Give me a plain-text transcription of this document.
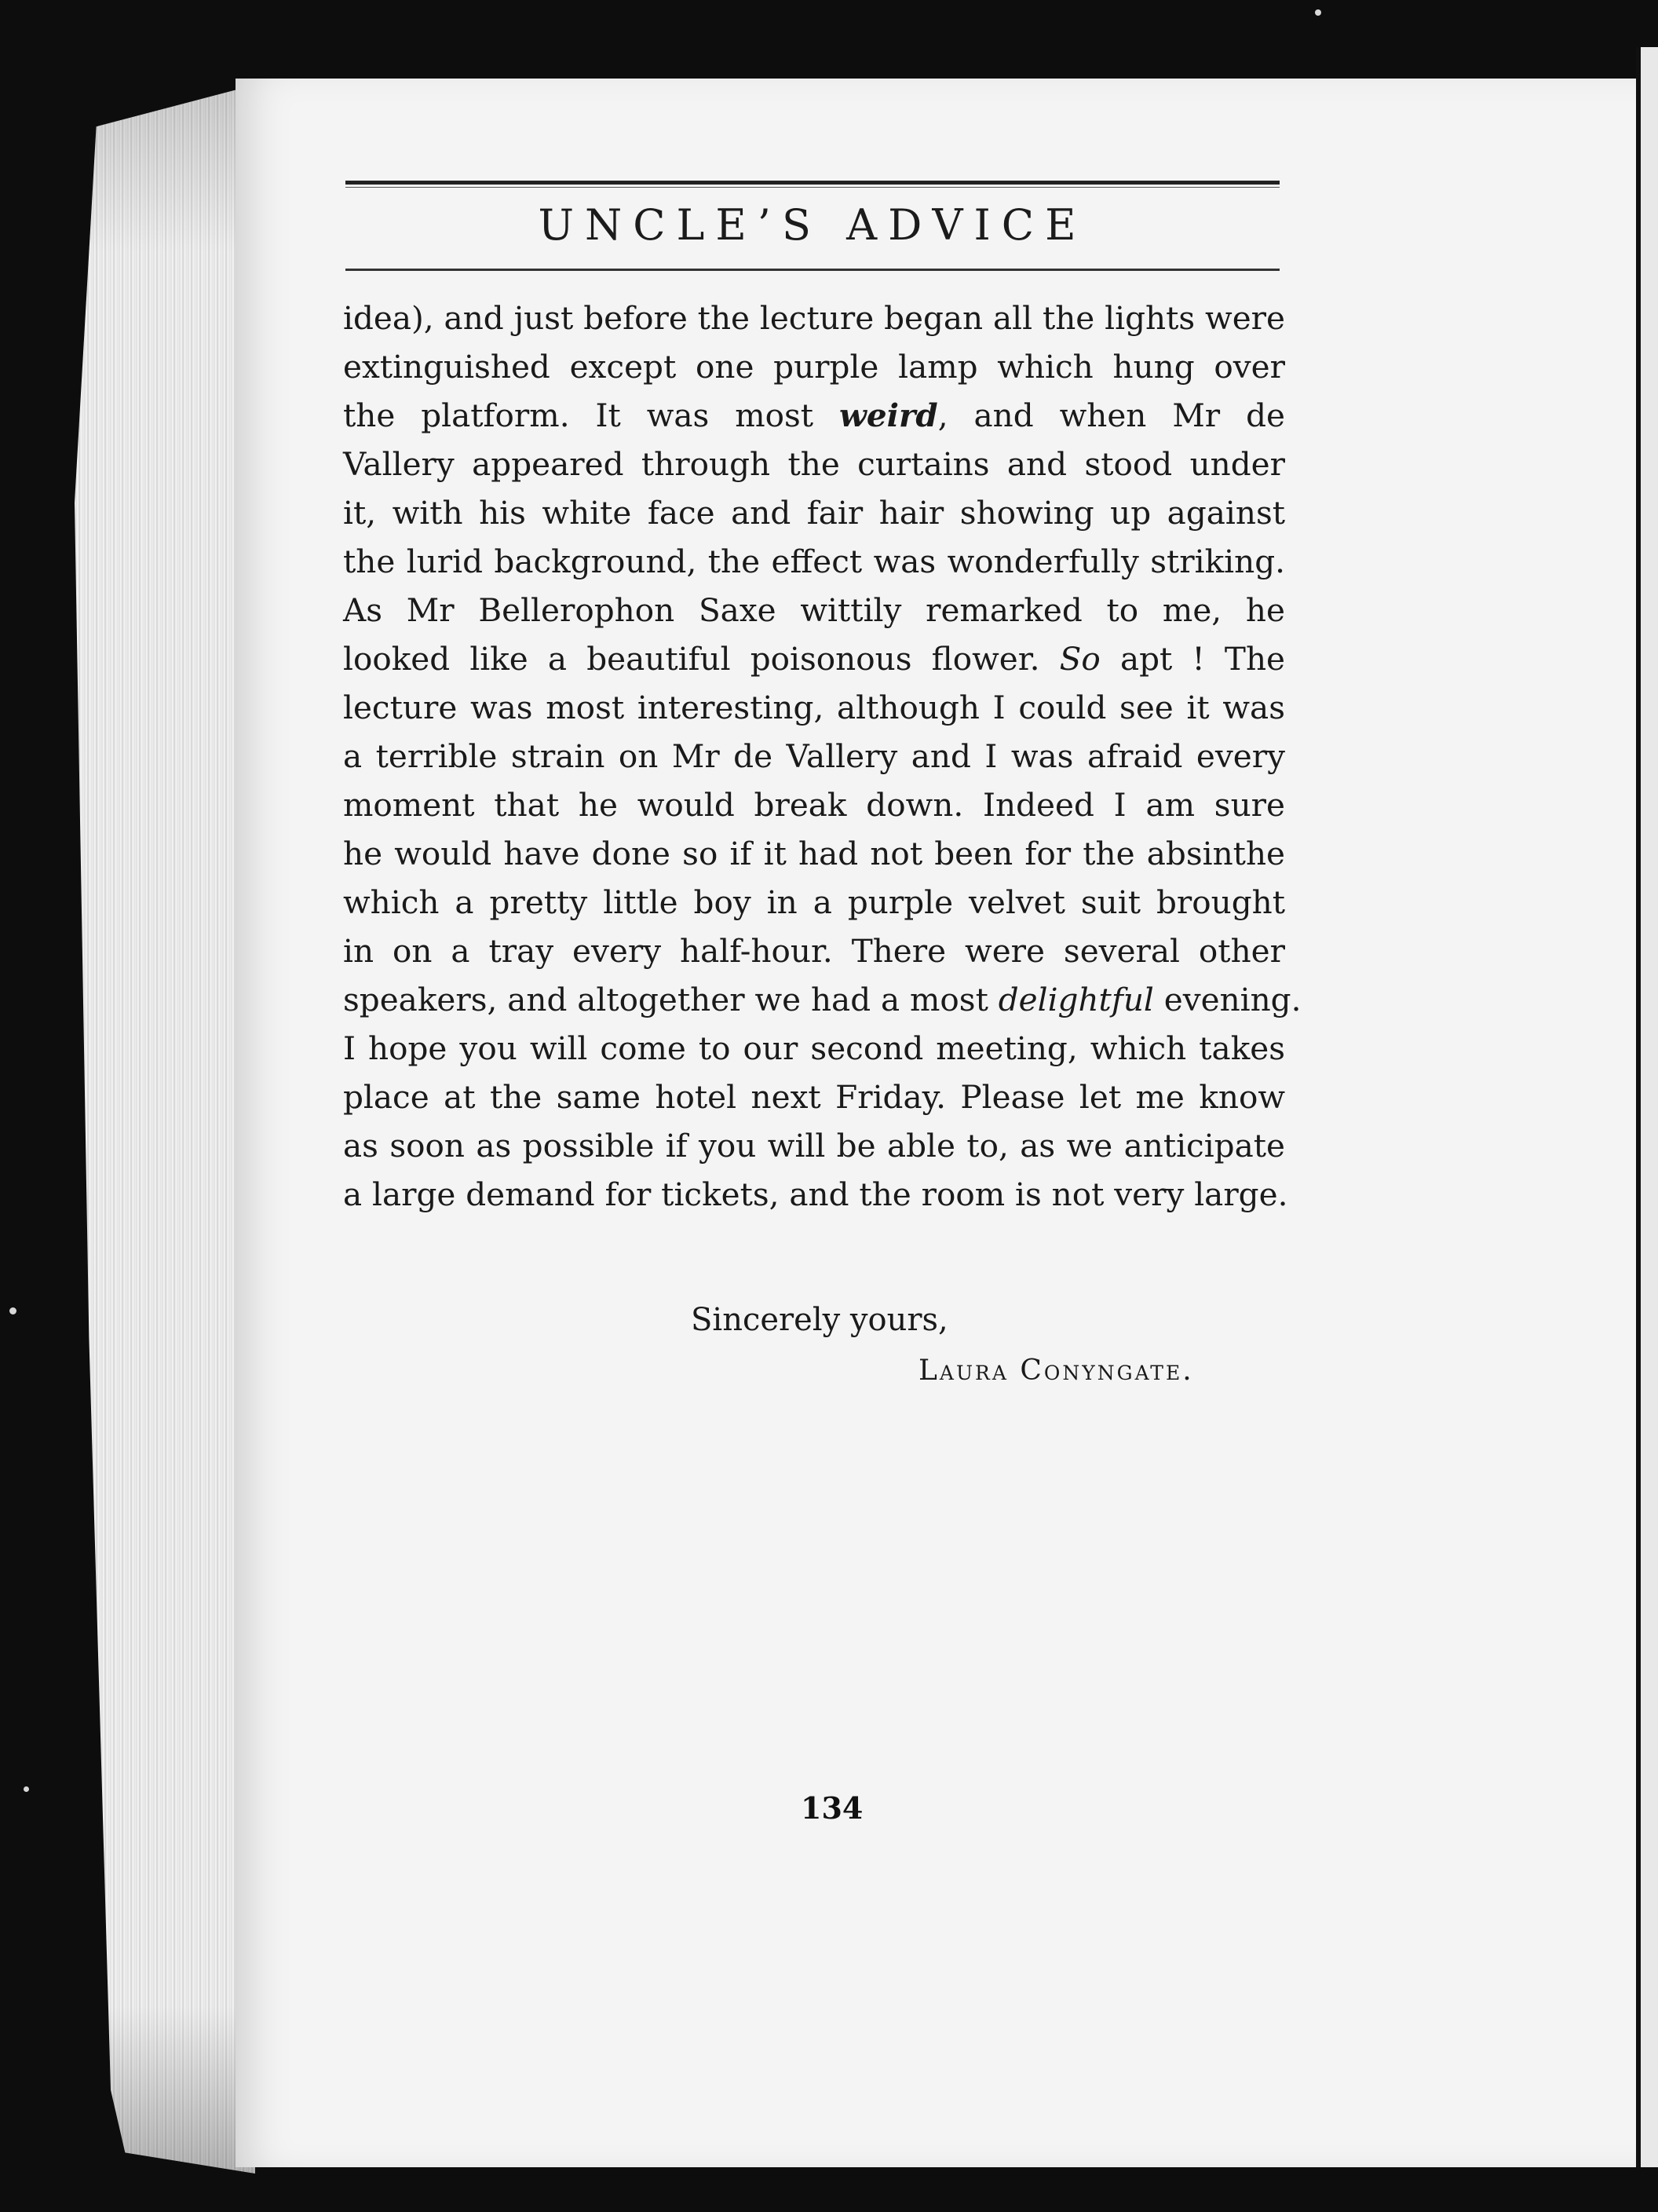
UNCLE’S ADVICE
idea), and just before the lecture began all the lights were
extinguished except one purple lamp which hung over
the platform. It was most weird, and when Mr de
Vallery appeared through the curtains and stood under
it, with his white face and fair hair showing up against
the lurid background, the effect was wonderfully striking.
As Mr Bellerophon Saxe wittily remarked to me, he
looked like a beautiful poisonous flower. So apt ! The
lecture was most interesting, although I could see it was
a terrible strain on Mr de Vallery and I was afraid every
moment that he would break down. Indeed I am sure
he would have done so if it had not been for the absinthe
which a pretty little boy in a purple velvet suit brought
in on a tray every half-hour. There were several other
speakers, and altogether we had a most delightful evening.
I hope you will come to our second meeting, which takes
place at the same hotel next Friday. Please let me know
as soon as possible if you will be able to, as we anticipate
a large demand for tickets, and the room is not very large.
Sincerely yours,
Laura Conyngate.
134
